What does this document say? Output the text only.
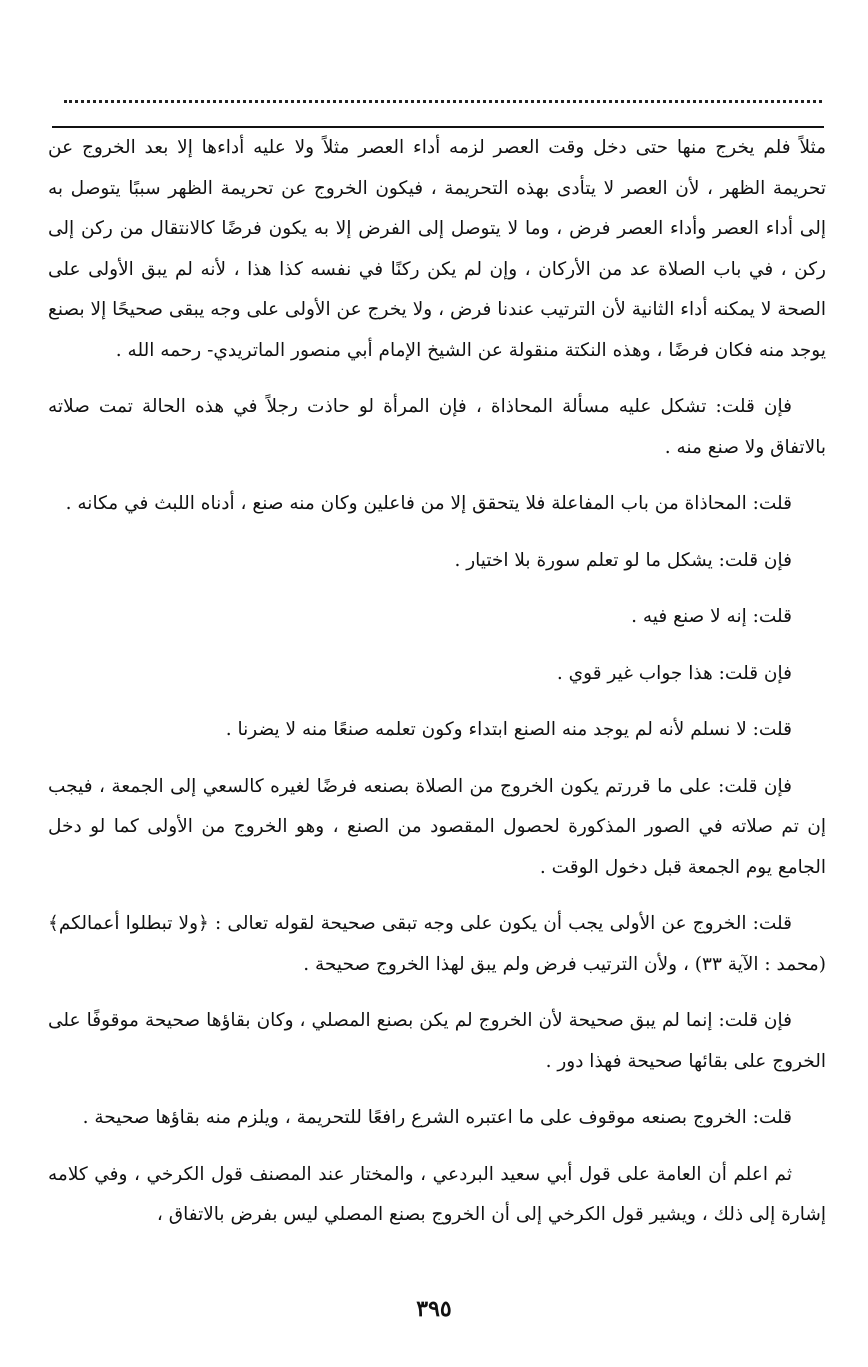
مثلاً فلم يخرج منها حتى دخل وقت العصر لزمه أداء العصر مثلاً ولا عليه أداءها إلا بعد الخروج عن تحريمة الظهر ، لأن العصر لا يتأدى بهذه التحريمة ، فيكون الخروج عن تحريمة الظهر سببًا يتوصل به إلى أداء العصر وأداء العصر فرض ، وما لا يتوصل إلى الفرض إلا به يكون فرضًا كالانتقال من ركن إلى ركن ، في باب الصلاة عد من الأركان ، وإن لم يكن ركنًا في نفسه كذا هذا ، لأنه لم يبق الأولى على الصحة لا يمكنه أداء الثانية لأن الترتيب عندنا فرض ، ولا يخرج عن الأولى على وجه يبقى صحيحًا إلا بصنع يوجد منه فكان فرضًا ، وهذه النكتة منقولة عن الشيخ الإمام أبي منصور الماتريدي- رحمه الله .

فإن قلت: تشكل عليه مسألة المحاذاة ، فإن المرأة لو حاذت رجلاً في هذه الحالة تمت صلاته بالاتفاق ولا صنع منه .

قلت: المحاذاة من باب المفاعلة فلا يتحقق إلا من فاعلين وكان منه صنع ، أدناه اللبث في مكانه .

فإن قلت: يشكل ما لو تعلم سورة بلا اختيار .

قلت: إنه لا صنع فيه .

فإن قلت: هذا جواب غير قوي .

قلت: لا نسلم لأنه لم يوجد منه الصنع ابتداء وكون تعلمه صنعًا منه لا يضرنا .

فإن قلت: على ما قررتم يكون الخروج من الصلاة بصنعه فرضًا لغيره كالسعي إلى الجمعة ، فيجب إن تم صلاته في الصور المذكورة لحصول المقصود من الصنع ، وهو الخروج من الأولى كما لو دخل الجامع يوم الجمعة قبل دخول الوقت .

قلت: الخروج عن الأولى يجب أن يكون على وجه تبقى صحيحة لقوله تعالى : ﴿ولا تبطلوا أعمالكم﴾ (محمد : الآية ٣٣) ، ولأن الترتيب فرض ولم يبق لهذا الخروج صحيحة .

فإن قلت: إنما لم يبق صحيحة لأن الخروج لم يكن بصنع المصلي ، وكان بقاؤها صحيحة موقوفًا على الخروج على بقائها صحيحة فهذا دور .

قلت: الخروج بصنعه موقوف على ما اعتبره الشرع رافعًا للتحريمة ، ويلزم منه بقاؤها صحيحة .

ثم اعلم أن العامة على قول أبي سعيد البردعي ، والمختار عند المصنف قول الكرخي ، وفي كلامه إشارة إلى ذلك ، ويشير قول الكرخي إلى أن الخروج بصنع المصلي ليس بفرض بالاتفاق ،

٣٩٥
